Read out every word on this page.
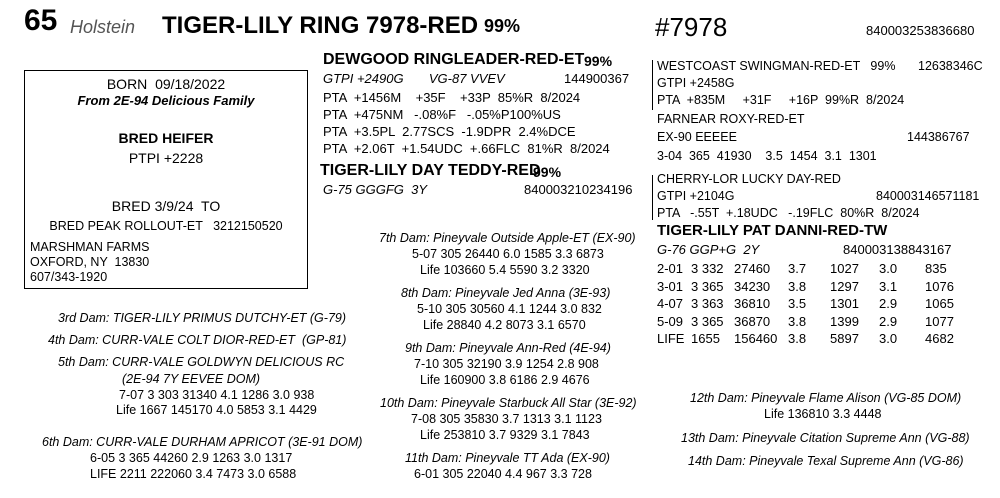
65 Holstein TIGER-LILY RING 7978-RED 99%	#7978	840003253836680
BORN  09/18/2022
From 2E-94 Delicious Family
BRED HEIFER
PTPI +2228
BRED 3/9/24  TO
BRED PEAK ROLLOUT-ET   3212150520
MARSHMAN FARMS
OXFORD, NY  13830
607/343-1920
DEWGOOD RINGLEADER-RED-ET 99%
GTPI +2490G       VG-87 VVEV	144900367
PTA  +1456M    +35F    +33P  85%R  8/2024
PTA  +475NM   -.08%F   -.05%P100%US
PTA  +3.5PL  2.77SCS  -1.9DPR  2.4%DCE
PTA  +2.06T  +1.54UDC  +.66FLC  81%R  8/2024
TIGER-LILY DAY TEDDY-RED
99%
G-75 GGGFG  3Y	840003210234196
WESTCOAST SWINGMAN-RED-ET   99% 12638346C
GTPI +2458G
PTA  +835M     +31F     +16P  99%R  8/2024
FARNEAR ROXY-RED-ET
EX-90 EEEEE	144386767
3-04  365  41930    3.5  1454  3.1  1301
CHERRY-LOR LUCKY DAY-RED
GTPI +2104G	840003146571181
PTA   -.55T  +.18UDC   -.19FLC  80%R  8/2024
TIGER-LILY PAT DANNI-RED-TW
G-76 GGP+G  2Y	840003138843167
2-01 3 332 27460 3.7 1027 3.0 835
3-01 3 365 34230 3.8 1297 3.1 1076
4-07 3 363 36810 3.5 1301 2.9 1065
5-09 3 365 36870 3.8 1399 2.9 1077
LIFE 1655 156460 3.8 5897 3.0 4682
3rd Dam: TIGER-LILY PRIMUS DUTCHY-ET (G-79)
4th Dam: CURR-VALE COLT DIOR-RED-ET  (GP-81)
5th Dam: CURR-VALE GOLDWYN DELICIOUS RC
(2E-94 7Y EEVEE DOM)
7-07 3 303 31340 4.1 1286 3.0 938
Life 1667 145170 4.0 5853 3.1 4429
6th Dam: CURR-VALE DURHAM APRICOT (3E-91 DOM)
6-05 3 365 44260 2.9 1263 3.0 1317
LIFE 2211 222060 3.4 7473 3.0 6588
7th Dam: Pineyvale Outside Apple-ET (EX-90)
5-07 305 26440 6.0 1585 3.3 6873
Life 103660 5.4 5590 3.2 3320
8th Dam: Pineyvale Jed Anna (3E-93)
5-10 305 30560 4.1 1244 3.0 832
Life 28840 4.2 8073 3.1 6570
9th Dam: Pineyvale Ann-Red (4E-94)
7-10 305 32190 3.9 1254 2.8 908
Life 160900 3.8 6186 2.9 4676
10th Dam: Pineyvale Starbuck All Star (3E-92)
7-08 305 35830 3.7 1313 3.1 1123
Life 253810 3.7 9329 3.1 7843
11th Dam: Pineyvale TT Ada (EX-90)
6-01 305 22040 4.4 967 3.3 728
12th Dam: Pineyvale Flame Alison (VG-85 DOM)
Life 136810 3.3 4448
13th Dam: Pineyvale Citation Supreme Ann (VG-88)
14th Dam: Pineyvale Texal Supreme Ann (VG-86)
